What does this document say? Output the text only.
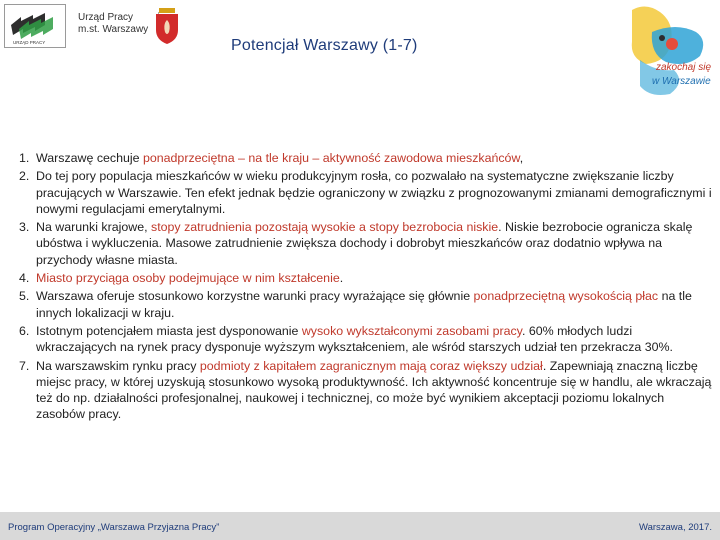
URZĄD PRACY
Urząd Pracy
m.st. Warszawy
Potencjał Warszawy (1-7)
zakochaj się
w Warszawie
1. Warszawę cechuje ponadprzeciętna – na tle kraju – aktywność zawodowa mieszkańców,
2. Do tej pory populacja mieszkańców w wieku produkcyjnym rosła, co pozwalało na systematyczne zwiększanie liczby pracujących w Warszawie. Ten efekt jednak będzie ograniczony w związku z prognozowanymi zmianami demograficznymi i nowymi regulacjami emerytalnymi.
3. Na warunki krajowe, stopy zatrudnienia pozostają wysokie a stopy bezrobocia niskie. Niskie bezrobocie ogranicza skalę ubóstwa i wykluczenia. Masowe zatrudnienie zwiększa dochody i dobrobyt mieszkańców oraz dodatnio wpływa na przychody własne miasta.
4. Miasto przyciąga osoby podejmujące w nim kształcenie.
5. Warszawa oferuje stosunkowo korzystne warunki pracy wyrażające się głównie ponadprzeciętną wysokością płac na tle innych lokalizacji w kraju.
6. Istotnym potencjałem miasta jest dysponowanie wysoko wykształconymi zasobami pracy. 60% młodych ludzi wkraczających na rynek pracy dysponuje wyższym wykształceniem, ale wśród starszych udział ten przekracza 30%.
7. Na warszawskim rynku pracy podmioty z kapitałem zagranicznym mają coraz większy udział. Zapewniają znaczną liczbę miejsc pracy, w której uzyskują stosunkowo wysoką produktywność. Ich aktywność koncentruje się w handlu, ale wkraczają też do np. działalności profesjonalnej, naukowej i technicznej, co może być wynikiem akceptacji poziomu lokalnych zasobów pracy.
Program Operacyjny „Warszawa Przyjazna Pracy”	Warszawa, 2017.
